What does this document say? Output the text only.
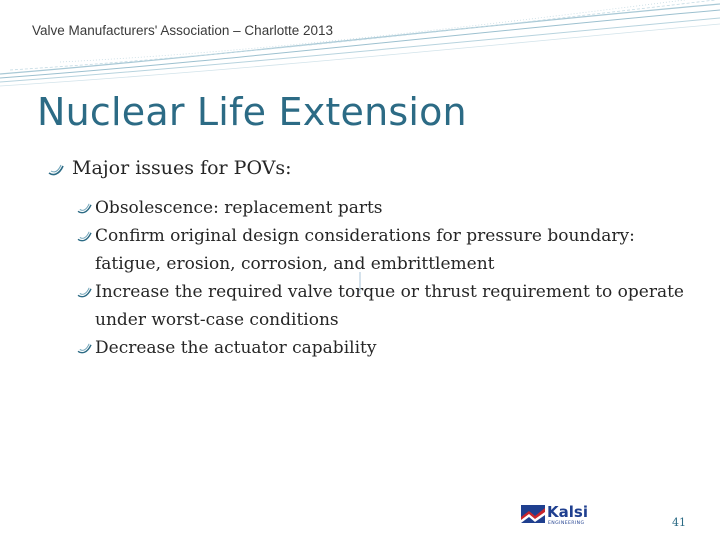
Valve Manufacturers' Association – Charlotte 2013
Nuclear Life Extension
Major issues for POVs:
Obsolescence: replacement parts
Confirm original design considerations for pressure boundary: fatigue, erosion, corrosion, and embrittlement
Increase the required valve torque or thrust requirement to operate under worst-case conditions
Decrease the actuator capability
Kalsi
ENGINEERING	41
